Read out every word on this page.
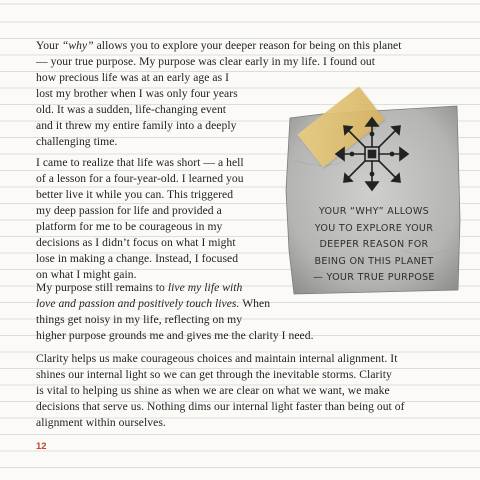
Your “why” allows you to explore your deeper reason for being on this planet
— your true purpose. My purpose was clear early in my life. I found out
how precious life was at an early age as I
lost my brother when I was only four years
old. It was a sudden, life-changing event
and it threw my entire family into a deeply
challenging time.

I came to realize that life was short — a hell
of a lesson for a four-year-old. I learned you
better live it while you can. This triggered
my deep passion for life and provided a
platform for me to be courageous in my
decisions as I didn’t focus on what I might
lose in making a change. Instead, I focused
on what I might gain.

My purpose still remains to live my life with
love and passion and positively touch lives. When
things get noisy in my life, reflecting on my
higher purpose grounds me and gives me the clarity I need.

Clarity helps us make courageous choices and maintain internal alignment. It
shines our internal light so we can get through the inevitable storms. Clarity
is vital to helping us shine as when we are clear on what we want, we make
decisions that serve us. Nothing dims our internal light faster than being out of
alignment within ourselves.

YOUR “WHY” ALLOWS
YOU TO EXPLORE YOUR
DEEPER REASON FOR
BEING ON THIS PLANET
— YOUR TRUE PURPOSE
12
